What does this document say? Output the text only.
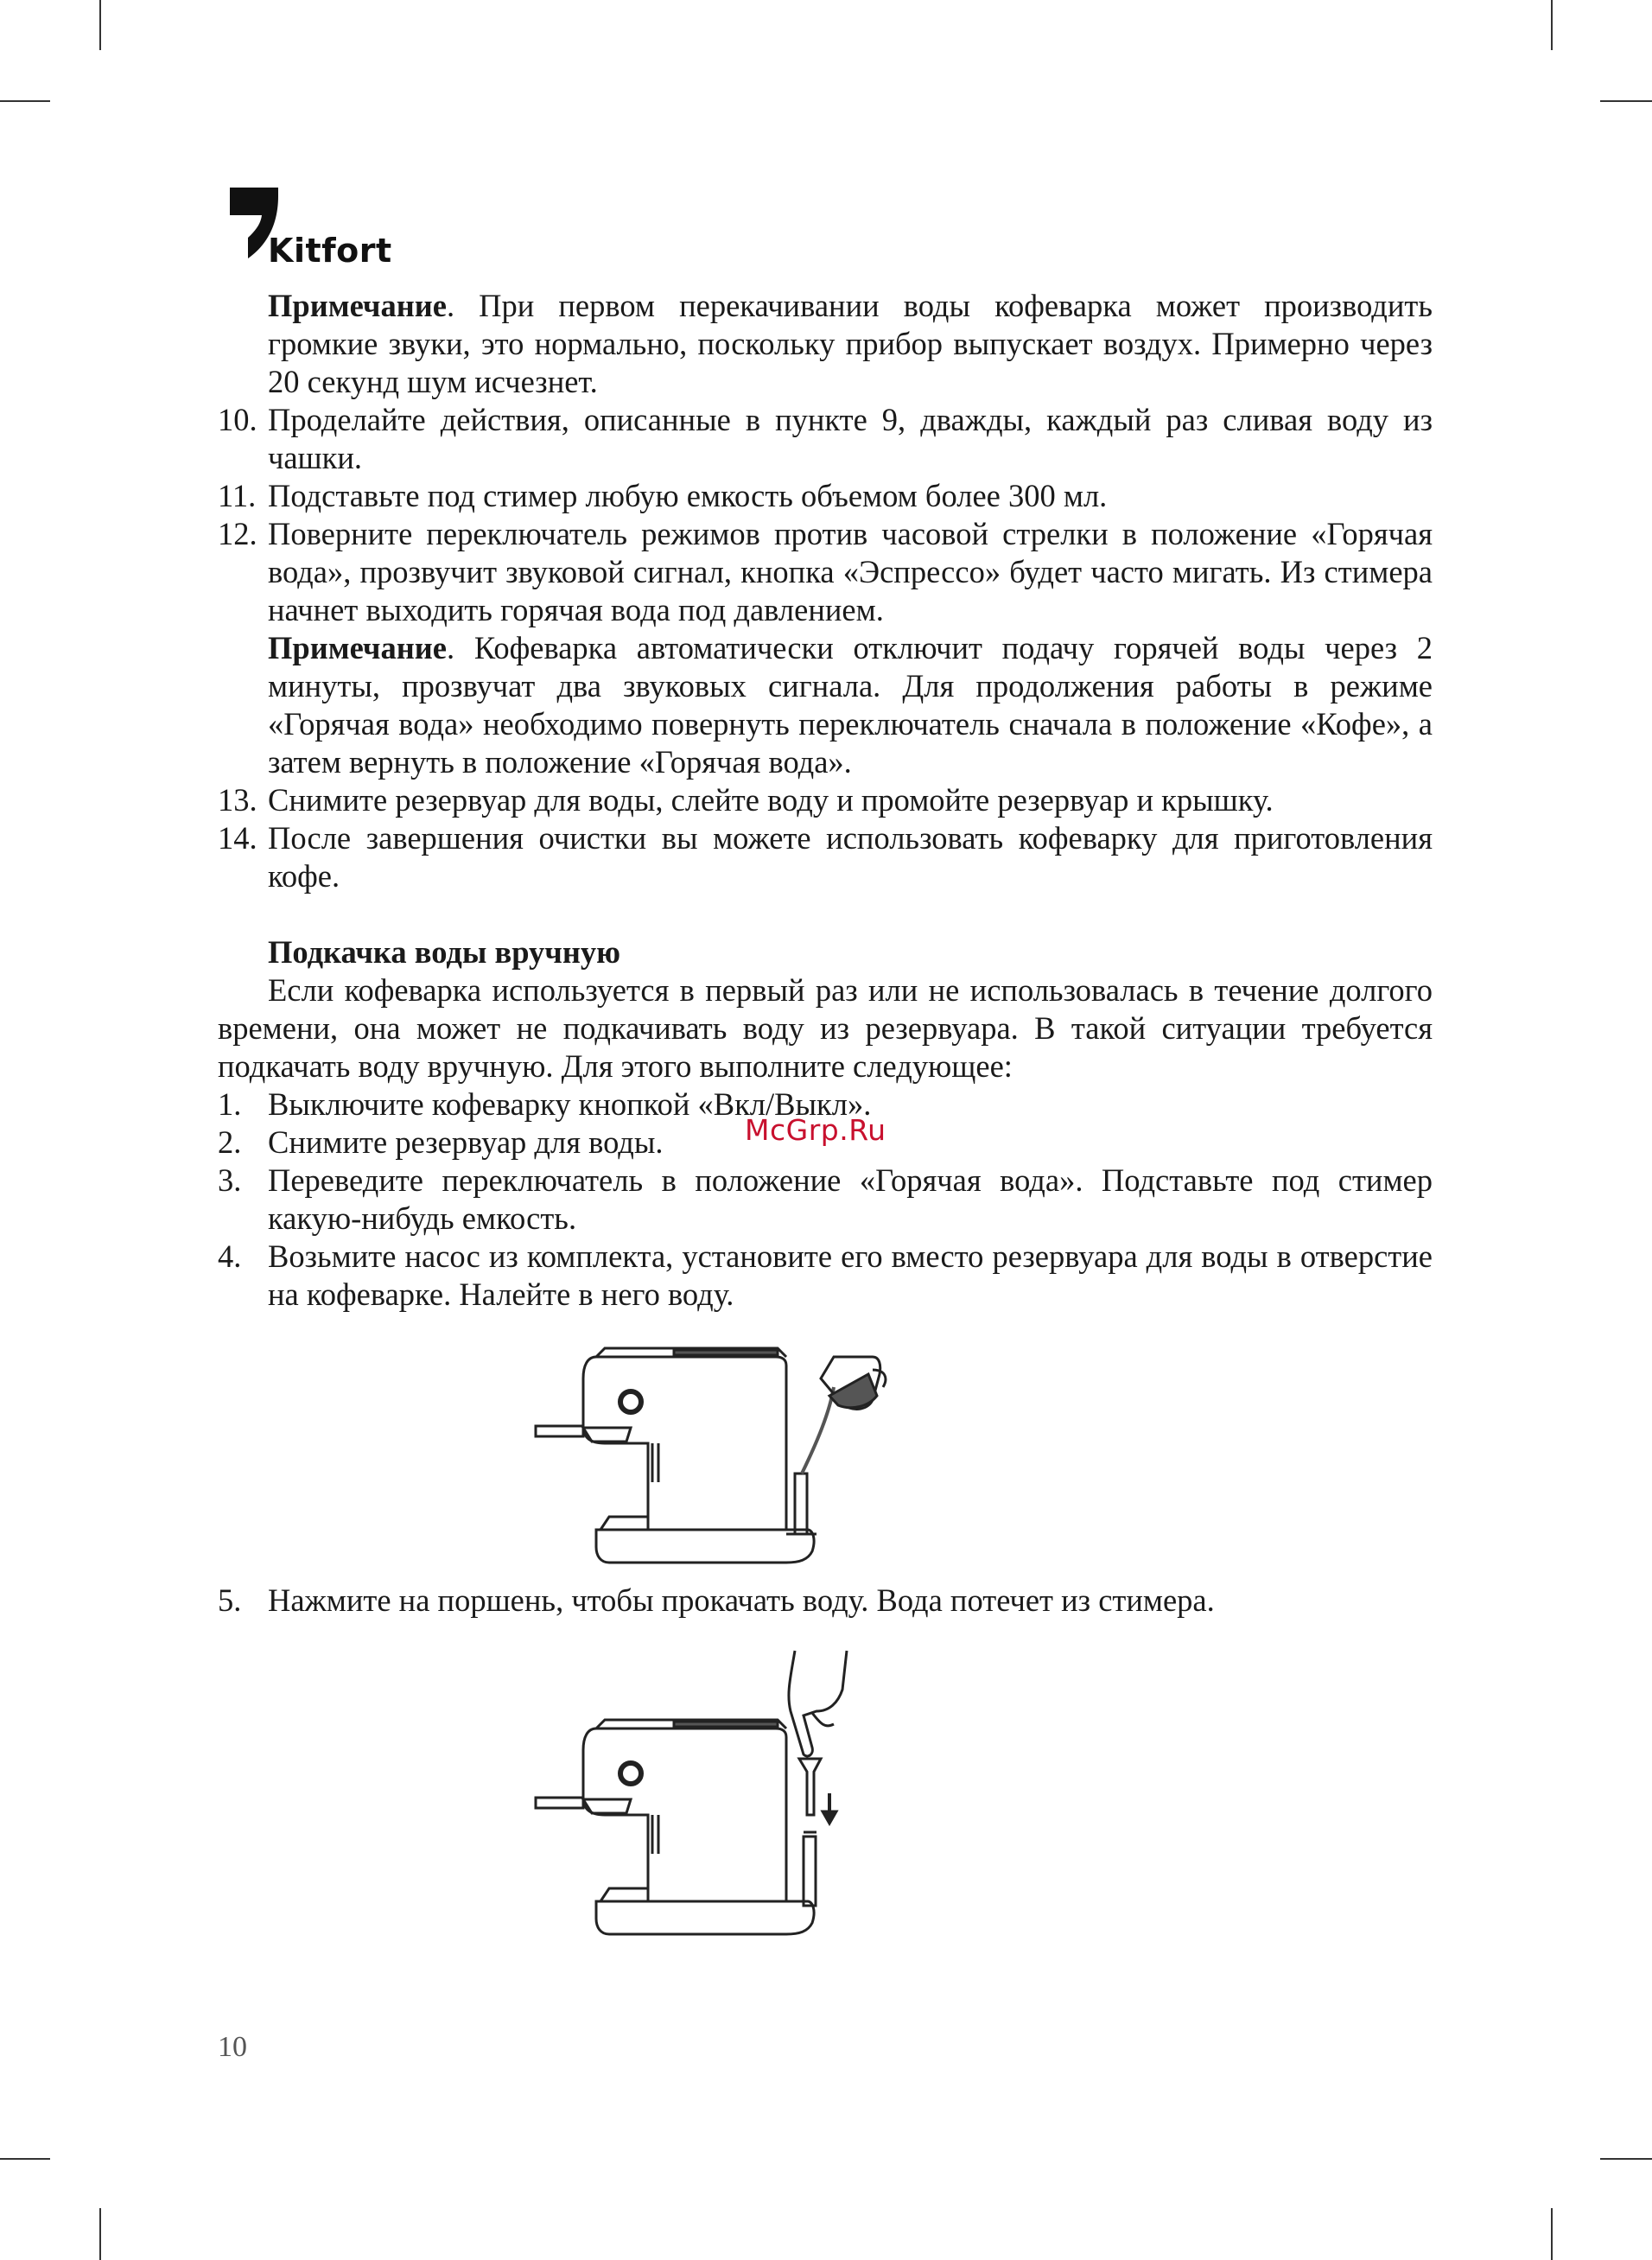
Kitfort

Примечание. При первом перекачивании воды кофеварка может производить громкие звуки, это нормально, поскольку прибор выпускает воздух. Примерно через 20 секунд шум исчезнет.

10. Проделайте действия, описанные в пункте 9, дважды, каждый раз сливая воду из чашки.
11. Подставьте под стимер любую емкость объемом более 300 мл.
12. Поверните переключатель режимов против часовой стрелки в положение «Горячая вода», прозвучит звуковой сигнал, кнопка «Эспрессо» будет часто мигать. Из стимера начнет выходить горячая вода под давлением.

Примечание. Кофеварка автоматически отключит подачу горячей воды через 2 минуты, прозвучат два звуковых сигнала. Для продолжения работы в режиме «Горячая вода» необходимо повернуть переключатель сначала в положение «Кофе», а затем вернуть в положение «Горячая вода».

13. Снимите резервуар для воды, слейте воду и промойте резервуар и крышку.
14. После завершения очистки вы можете использовать кофеварку для приготовления кофе.

Подкачка воды вручную

Если кофеварка используется в первый раз или не использовалась в течение долгого времени, она может не подкачивать воду из резервуара. В такой ситуации требуется подкачать воду вручную. Для этого выполните следующее:

1. Выключите кофеварку кнопкой «Вкл/Выкл».
2. Снимите резервуар для воды.
3. Переведите переключатель в положение «Горячая вода». Подставьте под стимер какую-нибудь емкость.
4. Возьмите насос из комплекта, установите его вместо резервуара для воды в отверстие на кофеварке. Налейте в него воду.
McGrp.Ru
5. Нажмите на поршень, чтобы прокачать воду. Вода потечет из стимера.
10
